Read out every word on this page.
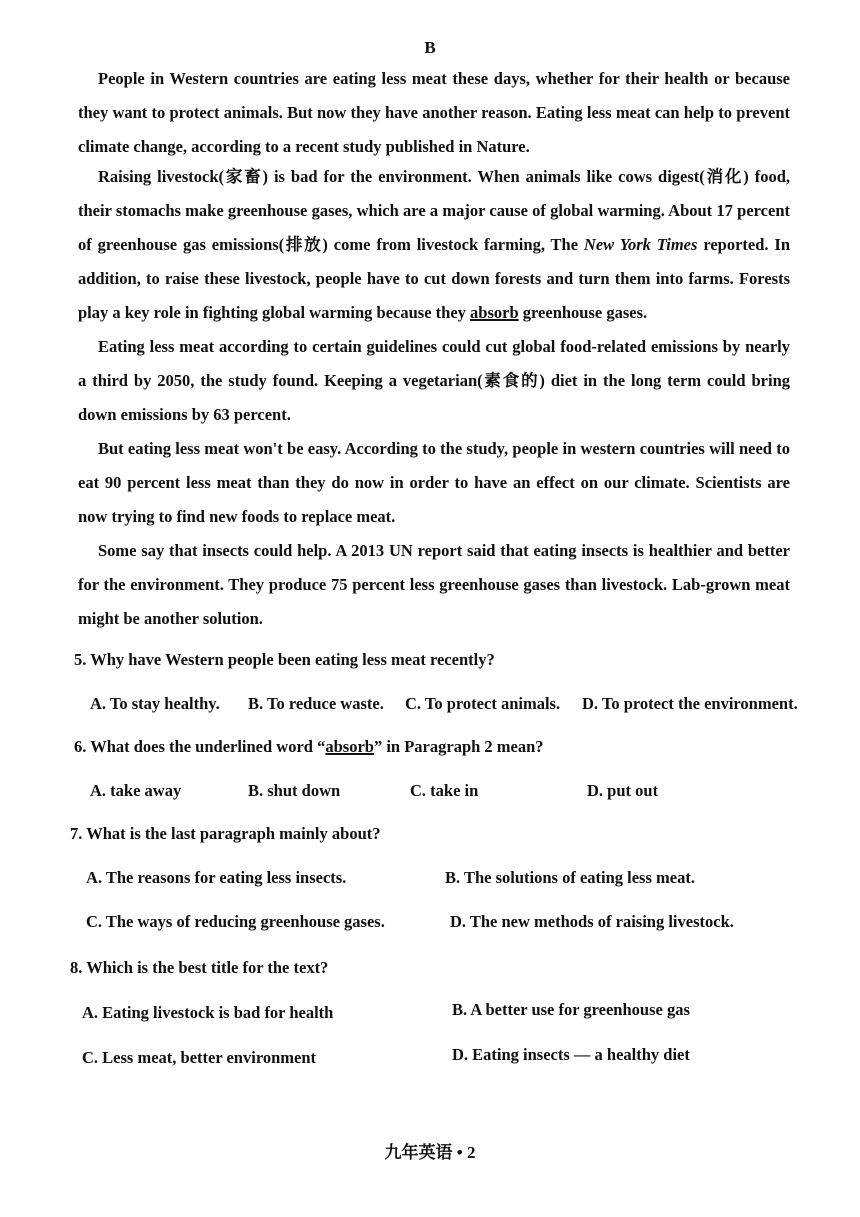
B

People in Western countries are eating less meat these days, whether for their health or because they want to protect animals. But now they have another reason. Eating less meat can help to prevent climate change, according to a recent study published in Nature.

Raising livestock(家畜) is bad for the environment. When animals like cows digest(消化) food, their stomachs make greenhouse gases, which are a major cause of global warming. About 17 percent of greenhouse gas emissions(排放) come from livestock farming, The New York Times reported. In addition, to raise these livestock, people have to cut down forests and turn them into farms. Forests play a key role in fighting global warming because they absorb greenhouse gases.

Eating less meat according to certain guidelines could cut global food-related emissions by nearly a third by 2050, the study found. Keeping a vegetarian(素食的) diet in the long term could bring down emissions by 63 percent.

But eating less meat won't be easy. According to the study, people in western countries will need to eat 90 percent less meat than they do now in order to have an effect on our climate. Scientists are now trying to find new foods to replace meat.

Some say that insects could help. A 2013 UN report said that eating insects is healthier and better for the environment. They produce 75 percent less greenhouse gases than livestock. Lab-grown meat might be another solution.

5. Why have Western people been eating less meat recently?

A. To stay healthy. B. To reduce waste. C. To protect animals. D. To protect the environment.

6. What does the underlined word “absorb” in Paragraph 2 mean?

A. take away	B. shut down	C. take in	D. put out

7. What is the last paragraph mainly about?

A. The reasons for eating less insects.	B. The solutions of eating less meat.
C. The ways of reducing greenhouse gases.	D. The new methods of raising livestock.

8. Which is the best title for the text?

A. Eating livestock is bad for health	B. A better use for greenhouse gas
C. Less meat, better environment	D. Eating insects — a healthy diet
九年英语 • 2
